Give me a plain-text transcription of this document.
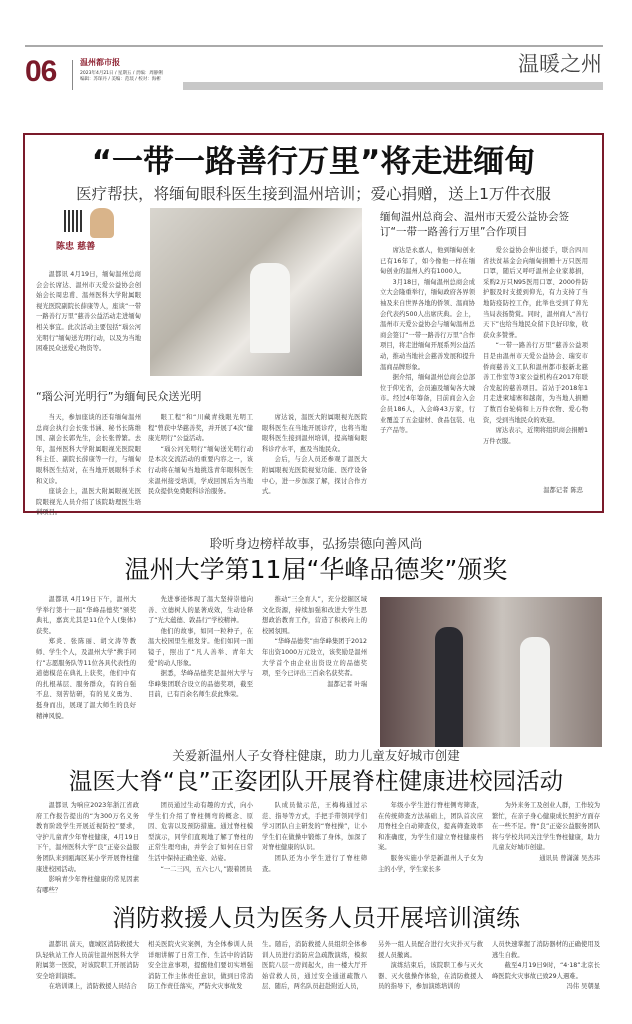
06	温州都市报
2023年4月21日 / 星期五 / 责编：周静俐
编辑：苏琛丹 / 美编：范琰 / 校对：海彬
温暖之州
“一带一路善行万里”将走进缅甸
医疗帮扶，将缅甸眼科医生接到温州培训；爱心捐赠，送上1万件衣服
陈忠 慈善

温都讯 4月19日，缅甸温州总商会会长席达、温州市天爱公益协会创始会长周忠甫、温州医科大学附属眼视光医院副院长薛康等人，座谈“一带一路善行万里”慈善公益活动走进缅甸相关事宜。此次活动主要包括“瑙公河光明行”缅甸送光明行动，以及为当地困难民众送爱心物资等。

缅甸温州总商会、温州市天爱公益协会签订“一带一路善行万里”合作项目

席达是永嘉人，他到缅甸创业已有16年了，如今像他一样在缅甸创业的温州人约有1000人。

3月18日，缅甸温州总商会成立大会隆重举行，缅甸政府各界领袖及来自世界各地的侨领、温商协会代表约500人出席庆典。会上，温州市天爱公益协会与缅甸温州总商会签订“一带一路善行万里”合作项目，将走进缅甸开展系列公益活动，推动当地社会慈善发展和提升温商品牌形象。

据介绍，缅甸温州总商会总部位于仰光省，会员遍及缅甸各大城市。经过4年筹备，目前商会入会会员186人，入会峰43万家，行业覆盖了五金建材、食品包装、电子产品等。

爱公益协会伸出援手，联合四川省扶贫基金会向缅甸捐赠十万只医用口罩，随后又呼吁温州企业家募捐，采购2万只N95医用口罩、2000件防护服及时支援到仰光，有力支持了当地防疫防控工作，此举也受到了仰光当局表扬赞赏。同时，温州商人“善行天下”也给当地民众留下良好印象，收获众多赞誉。

“一带一路善行万里”慈善公益项目是由温州市天爱公益协会、瑞安市侨商慈善义工队和温州都市报新北慈善工作室等3家公益机构在2017年联合发起的慈善项目。首站于2018年1月走进柬埔寨和越南，为当地人捐赠了数百台轮椅和上万件衣物、爱心物资，受到当地民众的欢迎。

席达表示，近期将组织商会捐赠1万件衣服。

温都记者 陈忠
“瑙公河光明行”为缅甸民众送光明

当天，参加座谈的还有缅甸温州总商会执行会长张书涵、秘书长陈维国、副会长郭先生，会长张曾繁。去年，温州医科大学附属眼视光医院眼科主任、副院长薛康等一行，与缅甸眼科医生结对，在当地开展眼科手术和义诊。

座谈会上，温医大附属眼视光医院眼视光人员介绍了该院助理医生培训项目。

眼工程”和“川藏青线眼光明工程”曾获中华慈善奖，并开展了4次“健康光明行”公益活动。

“瑙公河光明行”缅甸送光明行动是本次交流活动的重要内容之一，该行动将在缅甸当地挑选青年眼科医生来温州接受培训，学成回国后为当地民众提供免费眼科诊治服务。

席达说，温医大附属眼视光医院眼科医生在当地开展诊疗，也将当地眼科医生接到温州培训，提高缅甸眼科诊疗水平，惠及当地民众。

会后，与会人员还参观了温医大附属眼视光医院视觉功能、医疗设备中心，进一步加深了解，探讨合作方式。

聆听身边榜样故事，弘扬崇德向善风尚
温州大学第11届“华峰品德奖”颁奖

温都讯 4月19日下午，温州大学举行第十一届“华峰品德奖”颁奖典礼，嘉宾尤其是11位个人(集体)获奖。

郑炎、张陈丽、胡文涛等教师、学生个人，及温州大学“携手同行”志愿服务队等11位各具代表性的道德模范在典礼上获奖，他们中有的扎根基层、服务群众，有的自强不息、刻苦钻研，有的见义勇为、挺身而出，展现了温大师生的良好精神风貌。

先进事迹体现了温大坚持崇德向善、立德树人的显著成效，生动诠释了“光大蕴德、敦品行”学校精神。

他们的故事，如同一粒种子，在温大校园里生根发芽。他们如同一面镜子，照出了“凡人善举、青年大爱”的动人形象。

据悉，华峰品德奖是温州大学与华峰集团联合设立的品德奖项，截至目前，已有百余名师生获此殊荣。

推动“三全育人”，充分挖掘区域文化资源，持续加强和改进大学生思想政治教育工作，营造了积极向上的校园氛围。

“华峰品德奖”由华峰集团于2012年出资1000万元设立，该奖励是温州大学首个由企业出资设立的品德奖项，至今已评出三百余名获奖者。

温都记者 叶瑞

关爱新温州人子女脊柱健康，助力儿童友好城市创建
温医大脊“良”正姿团队开展脊柱健康进校园活动

温都讯 为响应2023年浙江省政府工作报告提出的“为300万名义务教育阶段学生开展近视防控”要求，守护儿童青少年脊柱健康，4月19日下午，温州医科大学“良”正姿公益服务团队来到瓯海区某小学开展脊柱健康进校园活动。

影响青少年脊柱健康的常见因素有哪些？

团员通过生动有趣的方式，向小学生们介绍了脊柱侧弯的概念、原因、危害以及预防措施。通过脊柱模型演示，同学们直观地了解了脊柱的正常生理弯曲，并学会了如何在日常生活中保持正确坐姿、站姿。

“一二三四，五六七八，”跟着团员

队成员做示范，王梅梅通过示范、指导等方式，手把手带领同学们学习团队自主研发的“脊柱操”，让小学生们在做操中锻炼了身体，加深了对脊柱健康的认识。

团队还为小学生进行了脊柱筛查。

年级小学生进行脊柱侧弯筛查，在传统筛查方法基础上，团队首次应用脊柱全自动筛查仪，提高筛查效率和准确度，为学生们建立脊柱健康档案。

服务实施小学是新温州人子女为主的小学，学生家长多

为外来务工及创业人群，工作较为繁忙，在亲子身心健康成长照护方面存在一些不足。脊“良”正姿公益服务团队将与学校共同关注学生脊柱健康，助力儿童友好城市创建。

通讯员 曾潇潇 吴杰玮

消防救援人员为医务人员开展培训演练

温都讯 前天，鹿城区消防救援大队轻轨站工作人员前往温州医科大学附属第一医院，对该院职工开展消防安全培训演练。

在培训课上，消防救援人员结合

相关医院火灾案例，为全体参训人员详细讲解了日常工作、生活中的消防安全注意事项，提醒他们要切实增强消防工作主体责任意识，做到日常消防工作责任落实，严防火灾事故发

生。随后，消防救援人员组织全体参训人员进行消防应急疏散演练，模拟医院八层一房间起火，由一楼大厅开始营救人员，通过安全通道疏散八层、随后，两名队员赶赴附近人员，

另外一组人员配合进行火灾扑灭与救援人员撤离。

演练结束后，该院职工参与灭火器、灭火毯操作体验，在消防救援人员的指导下，参加演练培训的

人员快速掌握了消防器材的正确使用及逃生自救。

截至4月19日9时，“4·18”北京长峰医院火灾事故已致29人遇难。

冯伟 吴朝显
